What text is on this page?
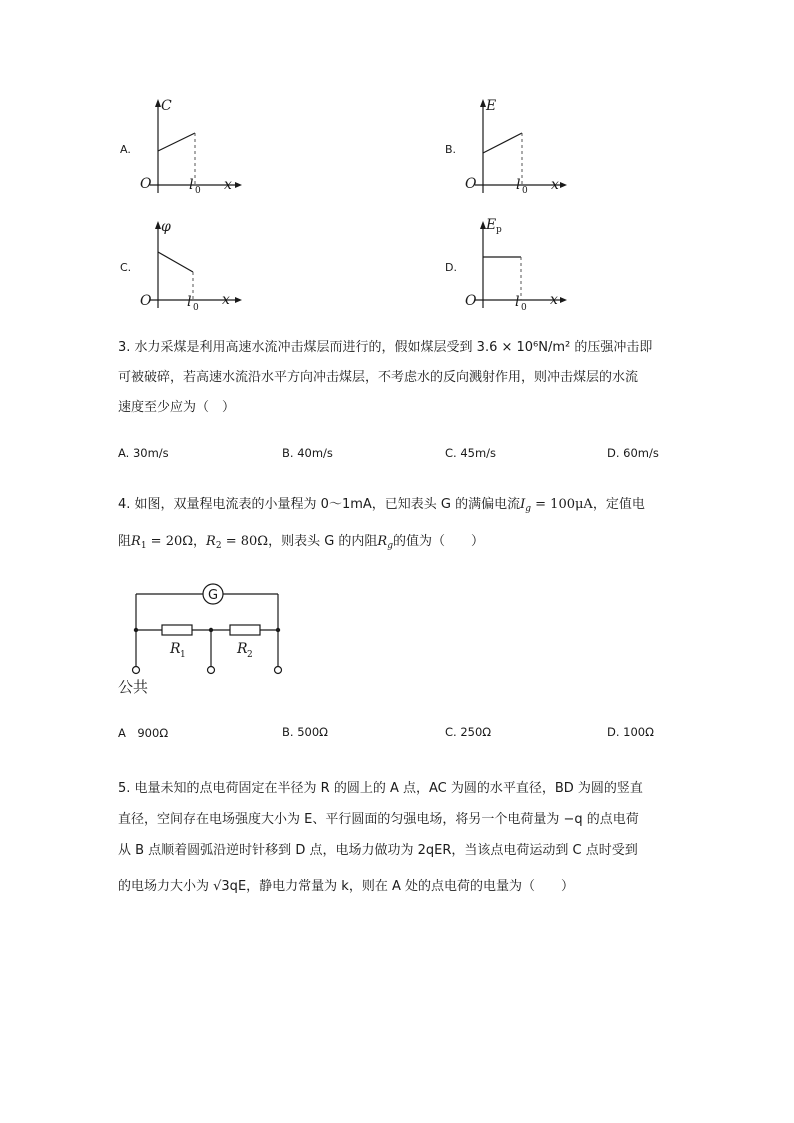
A.
C
x
O	l 0
B.
E
x
O	l 0
C.
φ
x
O	l 0
D.
E p
x
O	l 0
3. 水力采煤是利用高速水流冲击煤层而进行的，假如煤层受到 3.6 × 10⁶N/m² 的压强冲击即
可被破碎，若高速水流沿水平方向冲击煤层，不考虑水的反向溅射作用，则冲击煤层的水流
速度至少应为（　）
A. 30m/s	B. 40m/s	C. 45m/s	D. 60m/s
4. 如图，双量程电流表的小量程为 0～1mA，已知表头 G 的满偏电流$I_g = 100\mu A$，定值电
阻$R_1 = 20\Omega$，$R_2 = 80\Omega$，则表头 G 的内阻$R_g$的值为（　　）
G
R 1	R 2
公共
A　900Ω	B. 500Ω	C. 250Ω	D. 100Ω
5. 电量未知的点电荷固定在半径为 R 的圆上的 A 点，AC 为圆的水平直径，BD 为圆的竖直
直径，空间存在电场强度大小为 E、平行圆面的匀强电场，将另一个电荷量为 −q 的点电荷
从 B 点顺着圆弧沿逆时针移到 D 点，电场力做功为 2qER，当该点电荷运动到 C 点时受到
的电场力大小为 √3qE，静电力常量为 k，则在 A 处的点电荷的电量为（　　）
